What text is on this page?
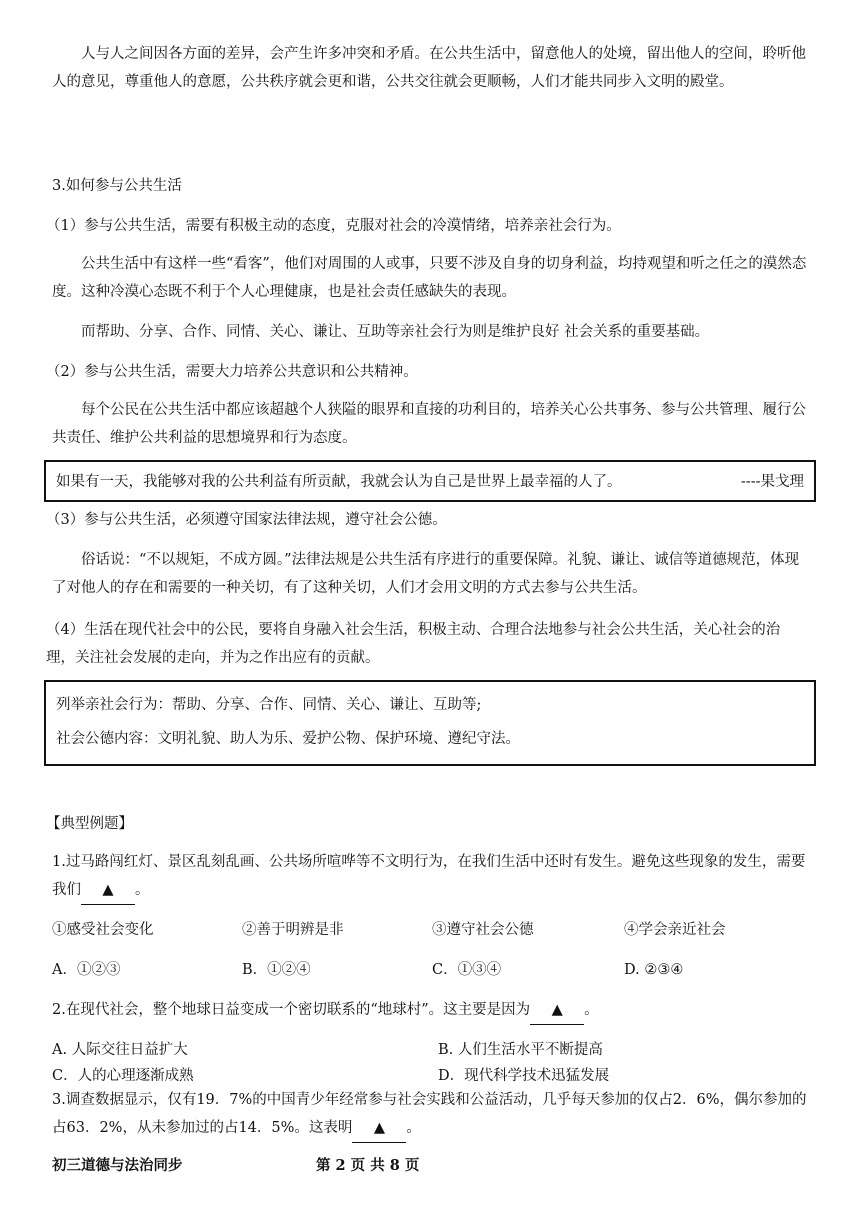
人与人之间因各方面的差异，会产生许多冲突和矛盾。在公共生活中，留意他人的处境，留出他人的空间，聆听他人的意见，尊重他人的意愿，公共秩序就会更和谐，公共交往就会更顺畅，人们才能共同步入文明的殿堂。

3.如何参与公共生活

（1）参与公共生活，需要有积极主动的态度，克服对社会的冷漠情绪，培养亲社会行为。

公共生活中有这样一些“看客”，他们对周围的人或事，只要不涉及自身的切身利益，均持观望和听之任之的漠然态度。这种冷漠心态既不利于个人心理健康，也是社会责任感缺失的表现。

而帮助、分享、合作、同情、关心、谦让、互助等亲社会行为则是维护良好 社会关系的重要基础。

（2）参与公共生活，需要大力培养公共意识和公共精神。

每个公民在公共生活中都应该超越个人狭隘的眼界和直接的功利目的，培养关心公共事务、参与公共管理、履行公共责任、维护公共利益的思想境界和行为态度。

如果有一天，我能够对我的公共利益有所贡献，我就会认为自己是世界上最幸福的人了。	----果戈理

（3）参与公共生活，必须遵守国家法律法规，遵守社会公德。

俗话说：“不以规矩，不成方圆。”法律法规是公共生活有序进行的重要保障。礼貌、谦让、诚信等道德规范，体现了对他人的存在和需要的一种关切，有了这种关切，人们才会用文明的方式去参与公共生活。

（4）生活在现代社会中的公民，要将自身融入社会生活，积极主动、合理合法地参与社会公共生活，关心社会的治理，关注社会发展的走向，并为之作出应有的贡献。

列举亲社会行为：帮助、分享、合作、同情、关心、谦让、互助等;
社会公德内容：文明礼貌、助人为乐、爱护公物、保护环境、遵纪守法。

【典型例题】

1.过马路闯红灯、景区乱刻乱画、公共场所喧哗等不文明行为，在我们生活中还时有发生。避免这些现象的发生，需要我们 ▲ 。

①感受社会变化	②善于明辨是非	③遵守社会公德	④学会亲近社会
A．①②③	B．①②④	C．①③④	D. ②③④

2.在现代社会，整个地球日益变成一个密切联系的“地球村”。这主要是因为 ▲ 。

A. 人际交往日益扩大	B. 人们生活水平不断提高
C．人的心理逐渐成熟	D．现代科学技术迅猛发展

3.调查数据显示，仅有19．7%的中国青少年经常参与社会实践和公益活动，几乎每天参加的仅占2．6%，偶尔参加的占63．2%，从未参加过的占14．5%。这表明 ▲ 。

初三道德与法治同步	第 2 页 共 8 页
